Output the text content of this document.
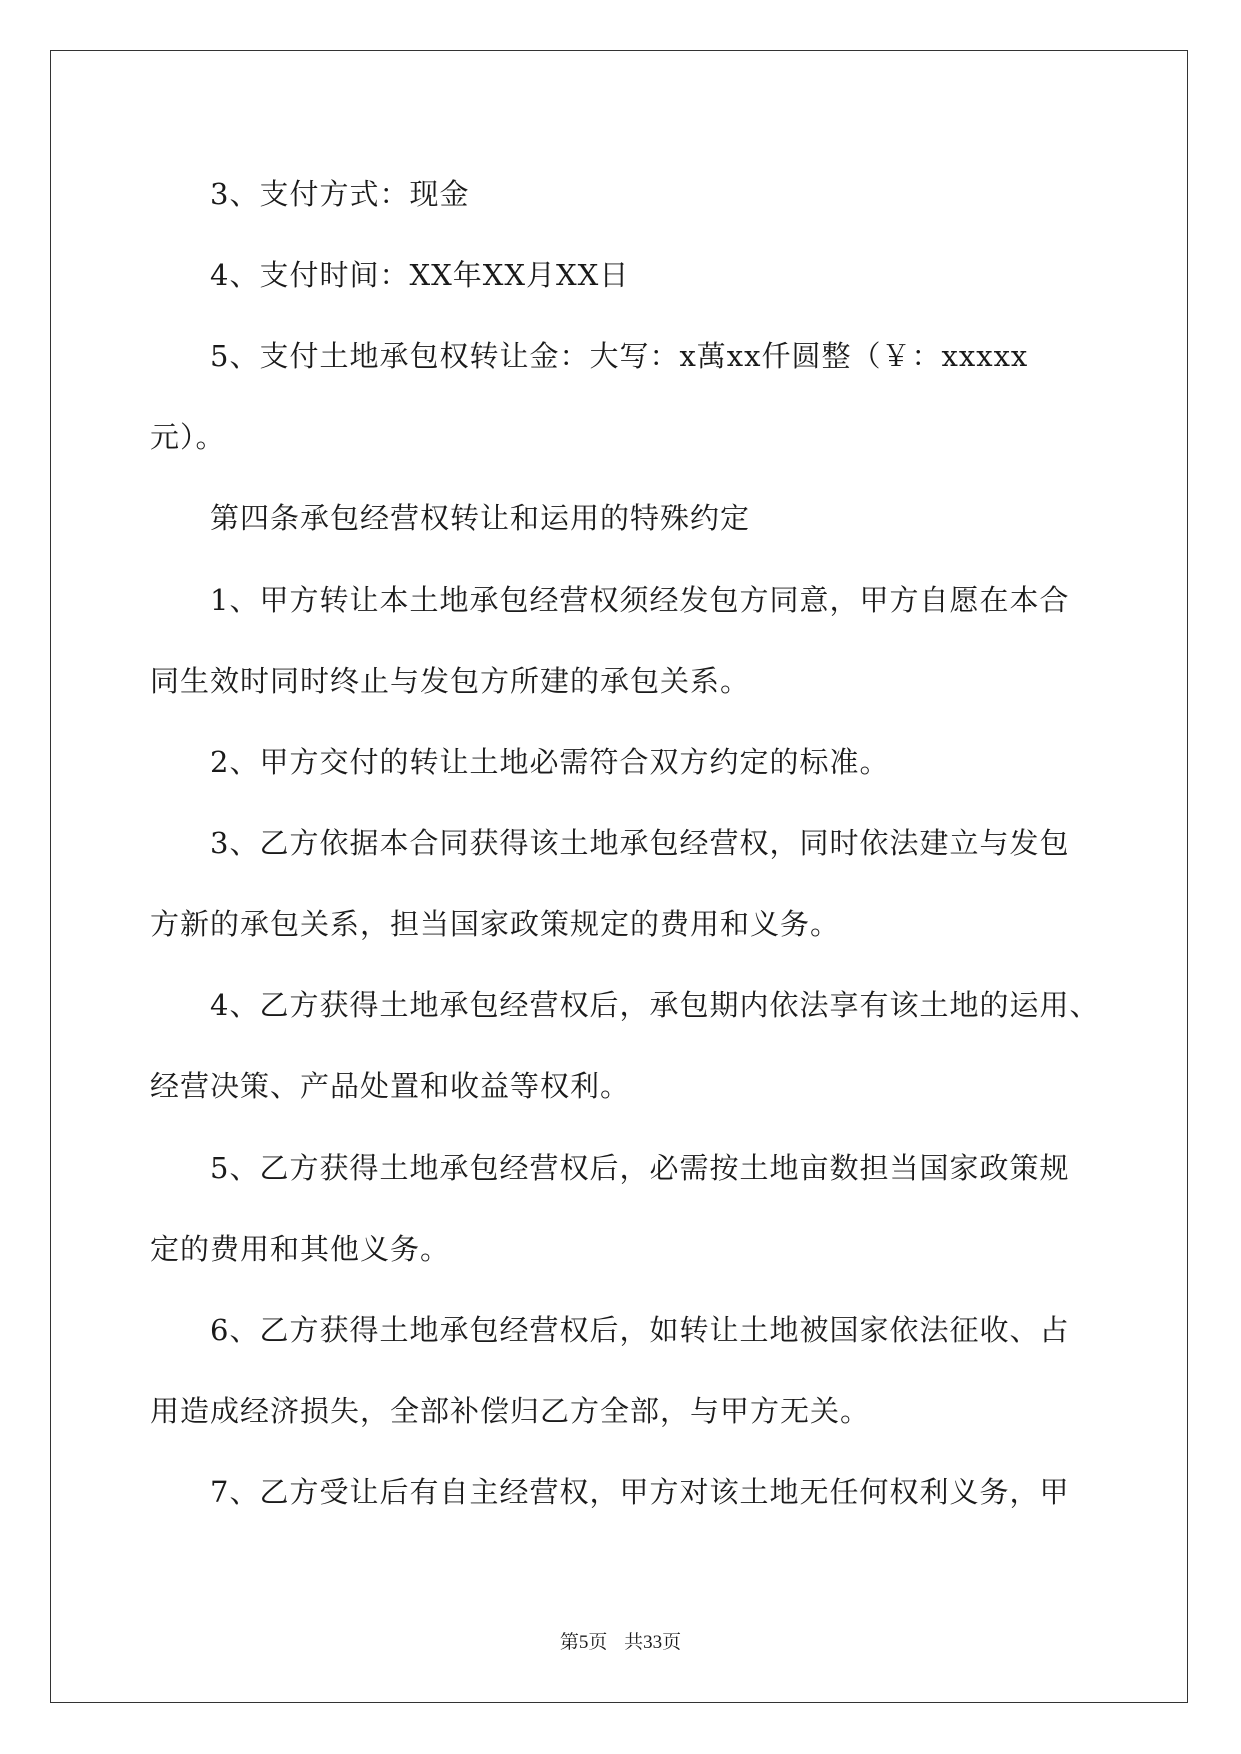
3、支付方式：现金
4、支付时间：XX年XX月XX日
5、支付土地承包权转让金：大写：x萬xx仟圆整（￥：xxxxx
元）。
第四条承包经营权转让和运用的特殊约定
1、甲方转让本土地承包经营权须经发包方同意，甲方自愿在本合
同生效时同时终止与发包方所建的承包关系。
2、甲方交付的转让土地必需符合双方约定的标准。
3、乙方依据本合同获得该土地承包经营权，同时依法建立与发包
方新的承包关系，担当国家政策规定的费用和义务。
4、乙方获得土地承包经营权后，承包期内依法享有该土地的运用、
经营决策、产品处置和收益等权利。
5、乙方获得土地承包经营权后，必需按土地亩数担当国家政策规
定的费用和其他义务。
6、乙方获得土地承包经营权后，如转让土地被国家依法征收、占
用造成经济损失，全部补偿归乙方全部，与甲方无关。
7、乙方受让后有自主经营权，甲方对该土地无任何权利义务，甲
第5页 共33页
